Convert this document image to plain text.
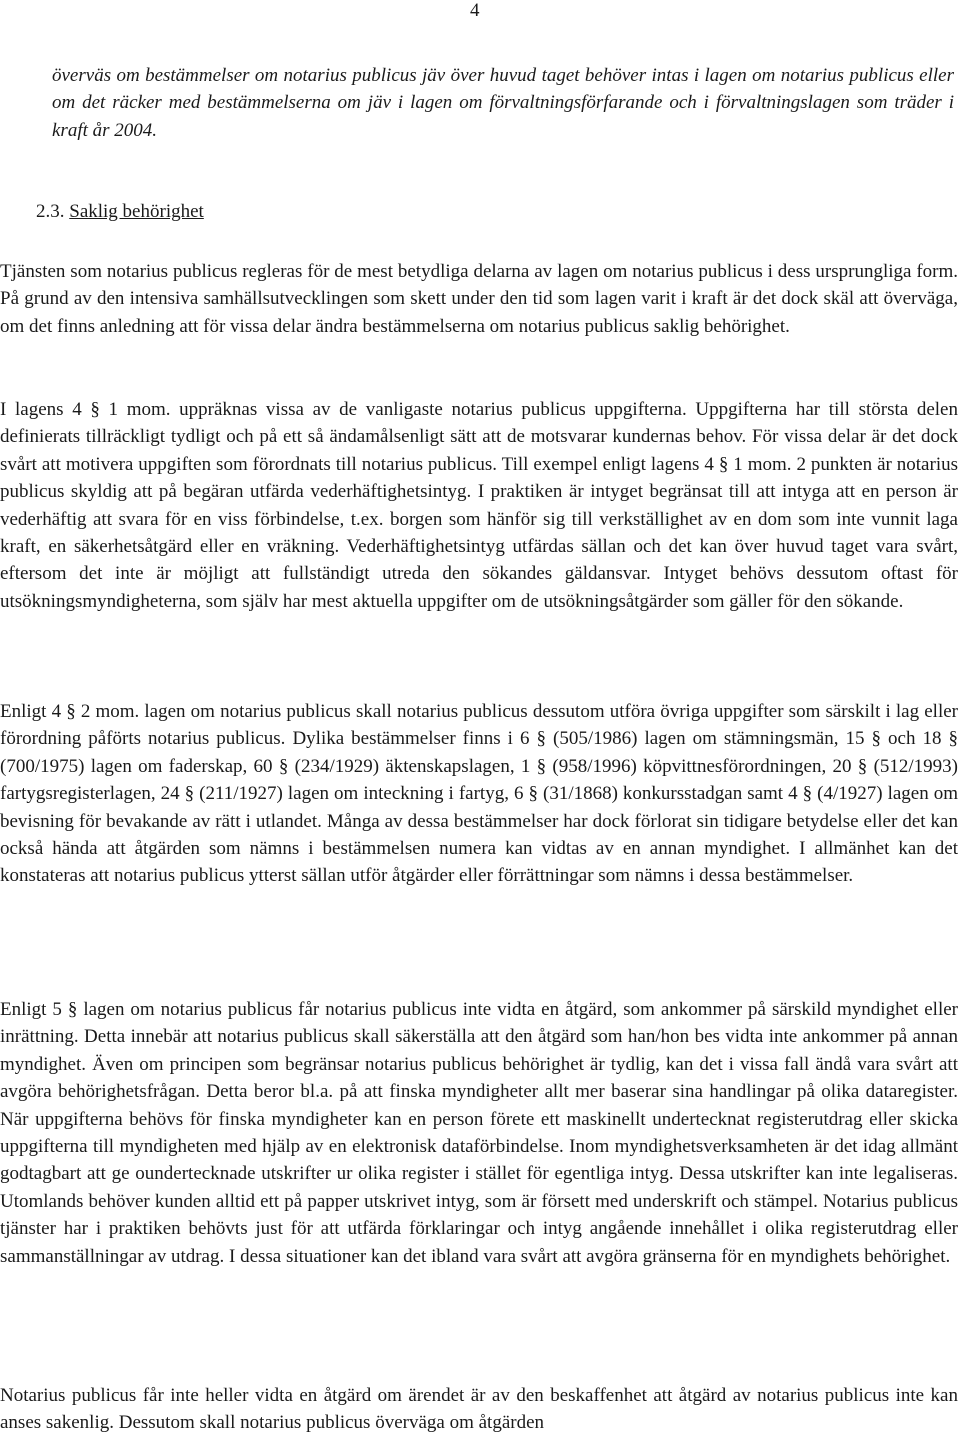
4

överväs om bestämmelser om notarius publicus jäv över huvud taget behöver intas i lagen om notarius publicus eller om det räcker med bestämmelserna om jäv i lagen om förvaltningsförfarande och i förvaltningslagen som träder i kraft år 2004.

2.3. Saklig behörighet

Tjänsten som notarius publicus regleras för de mest betydliga delarna av lagen om notarius publicus i dess ursprungliga form. På grund av den intensiva samhällsutvecklingen som skett under den tid som lagen varit i kraft är det dock skäl att överväga, om det finns anledning att för vissa delar ändra bestämmelserna om notarius publicus saklig behörighet.

I lagens 4 § 1 mom. uppräknas vissa av de vanligaste notarius publicus uppgifterna. Uppgifterna har till största delen definierats tillräckligt tydligt och på ett så ändamålsenligt sätt att de motsvarar kundernas behov. För vissa delar är det dock svårt att motivera uppgiften som förordnats till notarius publicus. Till exempel enligt lagens 4 § 1 mom. 2 punkten är notarius publicus skyldig att på begäran utfärda vederhäftighetsintyg. I praktiken är intyget begränsat till att intyga att en person är vederhäftig att svara för en viss förbindelse, t.ex. borgen som hänför sig till verkställighet av en dom som inte vunnit laga kraft, en säkerhetsåtgärd eller en vräkning. Vederhäftighetsintyg utfärdas sällan och det kan över huvud taget vara svårt, eftersom det inte är möjligt att fullständigt utreda den sökandes gäldansvar. Intyget behövs dessutom oftast för utsökningsmyndigheterna, som själv har mest aktuella uppgifter om de utsökningsåtgärder som gäller för den sökande.

Enligt 4 § 2 mom. lagen om notarius publicus skall notarius publicus dessutom utföra övriga uppgifter som särskilt i lag eller förordning påförts notarius publicus. Dylika bestämmelser finns i 6 § (505/1986) lagen om stämningsmän, 15 § och 18 § (700/1975) lagen om faderskap, 60 § (234/1929) äktenskapslagen, 1 § (958/1996) köpvittnesförordningen, 20 § (512/1993) fartygsregisterlagen, 24 § (211/1927) lagen om inteckning i fartyg, 6 § (31/1868) konkursstadgan samt 4 § (4/1927) lagen om bevisning för bevakande av rätt i utlandet. Många av dessa bestämmelser har dock förlorat sin tidigare betydelse eller det kan också hända att åtgärden som nämns i bestämmelsen numera kan vidtas av en annan myndighet. I allmänhet kan det konstateras att notarius publicus ytterst sällan utför åtgärder eller förrättningar som nämns i dessa bestämmelser.

Enligt 5 § lagen om notarius publicus får notarius publicus inte vidta en åtgärd, som ankommer på särskild myndighet eller inrättning. Detta innebär att notarius publicus skall säkerställa att den åtgärd som han/hon bes vidta inte ankommer på annan myndighet. Även om principen som begränsar notarius publicus behörighet är tydlig, kan det i vissa fall ändå vara svårt att avgöra behörighetsfrågan. Detta beror bl.a. på att finska myndigheter allt mer baserar sina handlingar på olika dataregister. När uppgifterna behövs för finska myndigheter kan en person förete ett maskinellt undertecknat registerutdrag eller skicka uppgifterna till myndigheten med hjälp av en elektronisk dataförbindelse. Inom myndighetsverksamheten är det idag allmänt godtagbart att ge oundertecknade utskrifter ur olika register i stället för egentliga intyg. Dessa utskrifter kan inte legaliseras. Utomlands behöver kunden alltid ett på papper utskrivet intyg, som är försett med underskrift och stämpel. Notarius publicus tjänster har i praktiken behövts just för att utfärda förklaringar och intyg angående innehållet i olika registerutdrag eller sammanställningar av utdrag. I dessa situationer kan det ibland vara svårt att avgöra gränserna för en myndighets behörighet.

Notarius publicus får inte heller vidta en åtgärd om ärendet är av den beskaffenhet att åtgärd av notarius publicus inte kan anses sakenlig. Dessutom skall notarius publicus överväga om åtgärden
